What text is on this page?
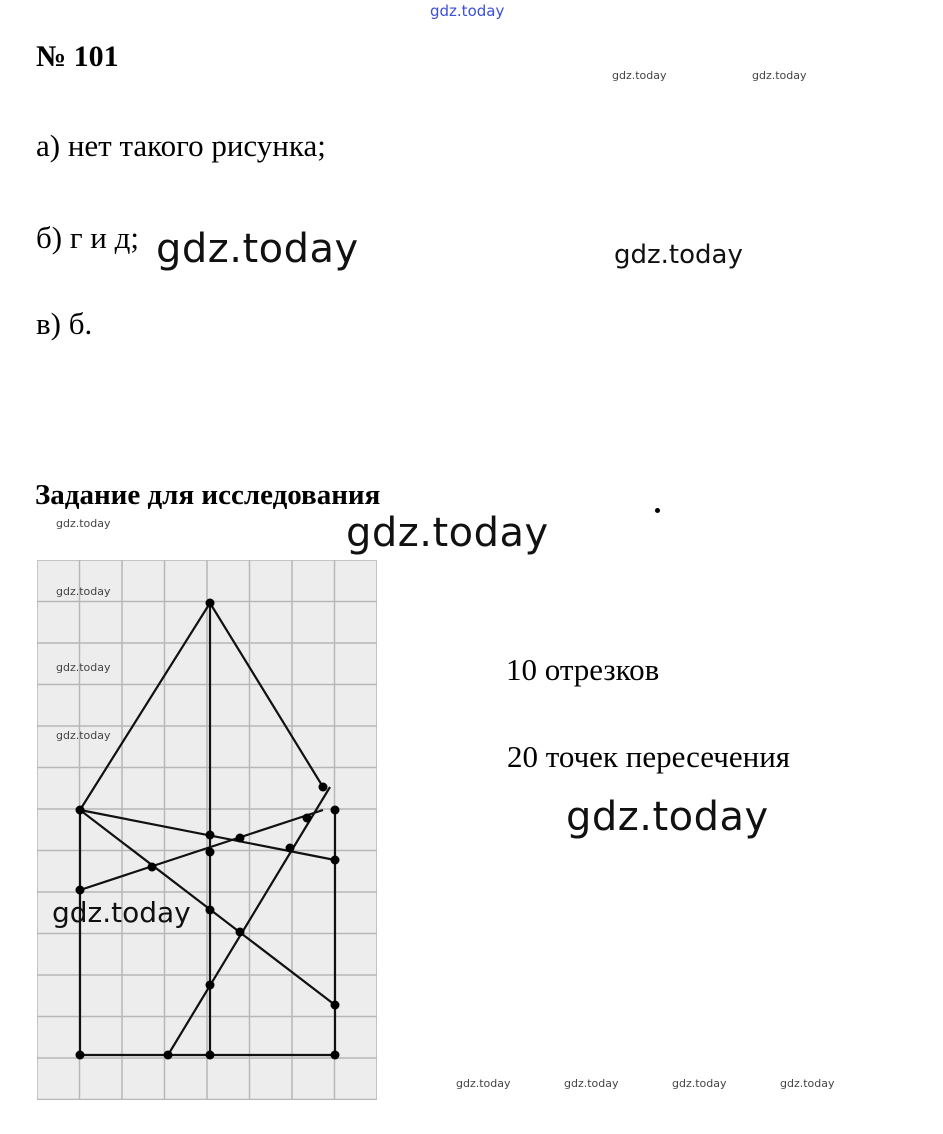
gdz.today
gdz.today	gdz.today
№ 101
а) нет такого рисунка;
б) г и д; gdz.today	gdz.today
в) б.
Задание для исследования
gdz.today	gdz.today
gdz.today
gdz.today
gdz.today
gdz.today
10 отрезков
20 точек пересечения
gdz.today
gdz.today	gdz.today	gdz.today	gdz.today
